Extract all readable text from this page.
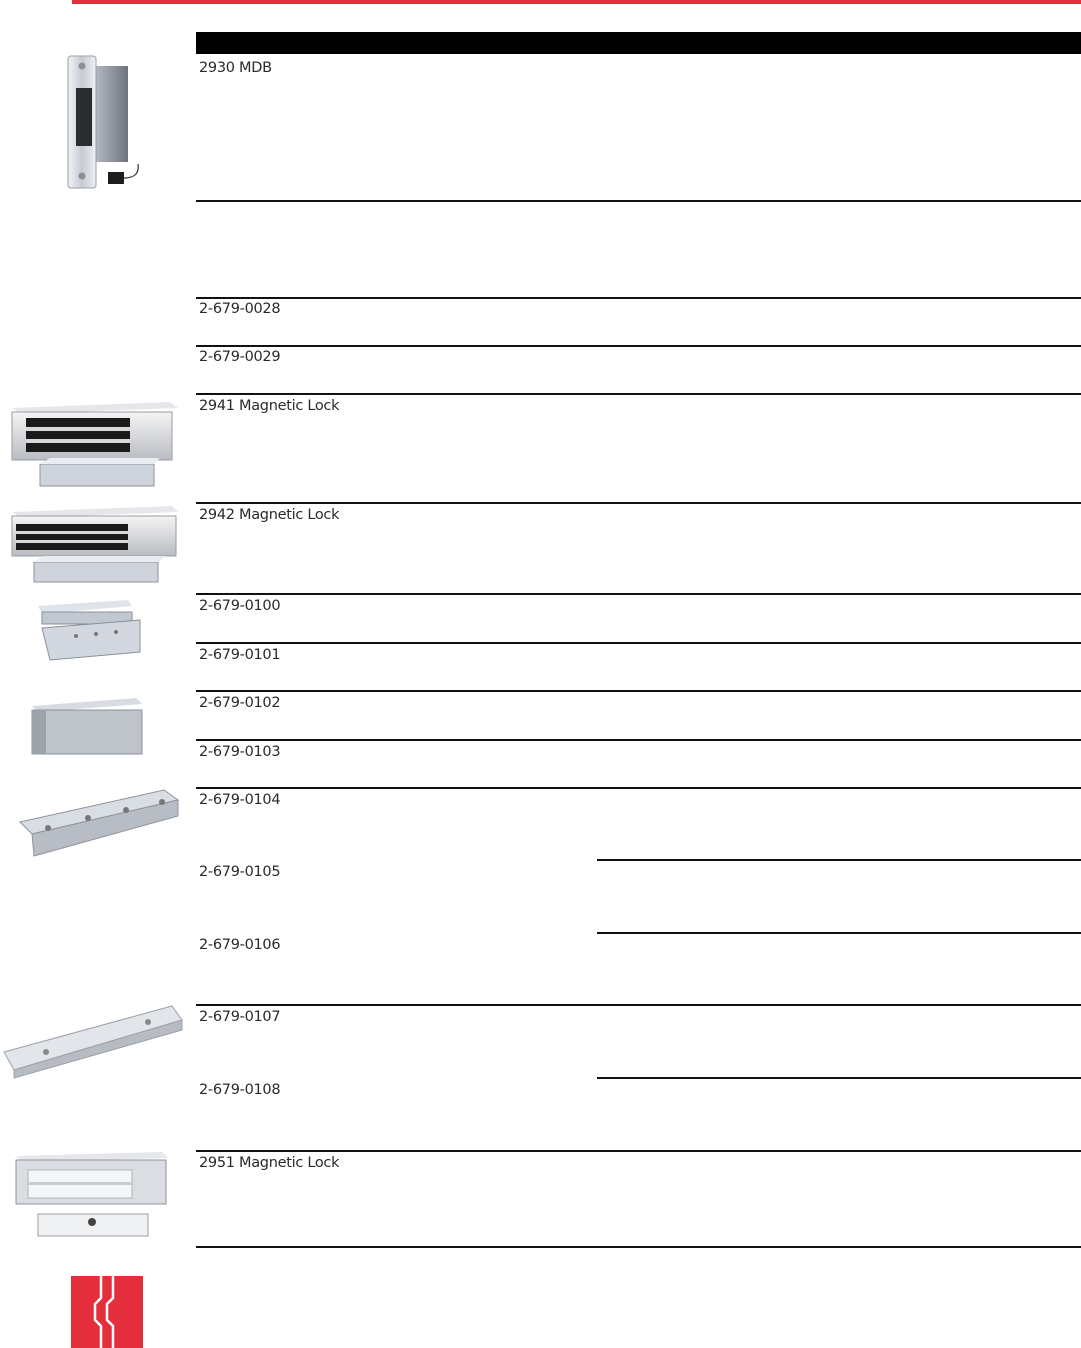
2930 MDB
2-679-0028
2-679-0029
2941 Magnetic Lock
2942 Magnetic Lock
2-679-0100
2-679-0101
2-679-0102
2-679-0103
2-679-0104
2-679-0105
2-679-0106
2-679-0107
2-679-0108
2951 Magnetic Lock
